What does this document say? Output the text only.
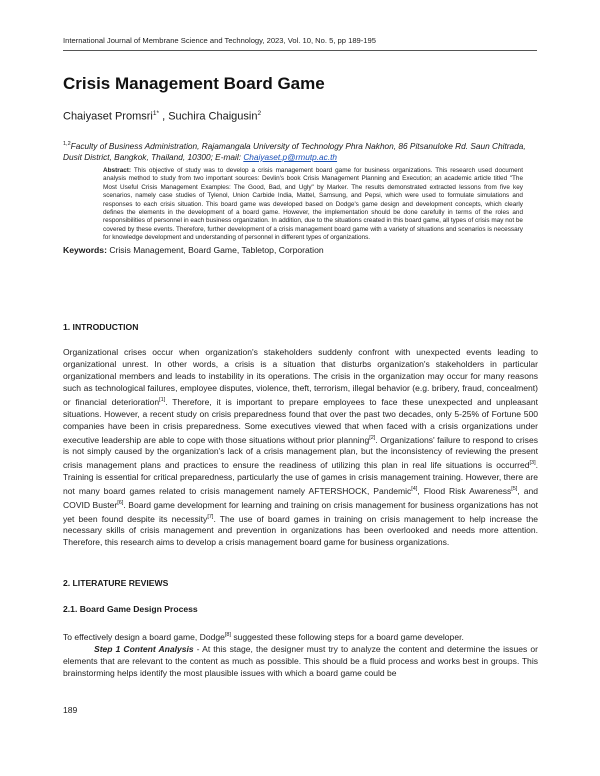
International Journal of Membrane Science and Technology, 2023, Vol. 10, No. 5, pp 189-195
Crisis Management Board Game
Chaiyaset Promsri$^{1*}$ , Suchira Chaigusin$^2$
$^{1,2}$Faculty of Business Administration, Rajamangala University of Technology Phra Nakhon, 86 Pitsanuloke Rd. Saun Chitrada, Dusit District, Bangkok, Thailand, 10300; E-mail: Chaiyaset.p@rmutp.ac.th
Abstract: This objective of study was to develop a crisis management board game for business organizations. This research used document analysis method to study from two important sources: Devlin's book Crisis Management Planning and Execution; an academic article titled "The Most Useful Crisis Management Examples: The Good, Bad, and Ugly" by Marker. The results demonstrated extracted lessons from five key scenarios, namely case studies of Tylenol, Union Carbide India, Mattel, Samsung, and Pepsi, which were used to formulate simulations and responses to each crisis situation. This board game was developed based on Dodge's game design and development concepts, which clearly defines the elements in the development of a board game. However, the implementation should be done carefully in terms of the roles and responsibilities of personnel in each business organization. In addition, due to the situations created in this board game, all types of crisis may not be covered by these events. Therefore, further development of a crisis management board game with a variety of situations and scenarios is necessary for knowledge development and understanding of personnel in different types of organizations.
Keywords: Crisis Management, Board Game, Tabletop, Corporation
1. INTRODUCTION
Organizational crises occur when organization's stakeholders suddenly confront with unexpected events leading to organizational unrest. In other words, a crisis is a situation that disturbs organization's stakeholders in particular organizational members and leads to instability in its operations. The crisis in the organization may occur for many reasons such as technological failures, employee disputes, violence, theft, terrorism, illegal behavior (e.g. bribery, fraud, concealment) or financial deterioration[1]. Therefore, it is important to prepare employees to face these unexpected and unpleasant situations. However, a recent study on crisis preparedness found that over the past two decades, only 5-25% of Fortune 500 companies have been in crisis preparedness. Some executives viewed that when faced with a crisis organizations under executive leadership are able to cope with those situations without prior planning[2]. Organizations' failure to respond to crises is not simply caused by the organization's lack of a crisis management plan, but the inconsistency of reviewing the present crisis management plans and practices to ensure the readiness of utilizing this plan in real life situations is occurred[3]. Training is essential for critical preparedness, particularly the use of games in crisis management training. However, there are not many board games related to crisis management namely AFTERSHOCK, Pandemic[4], Flood Risk Awareness[5], and COVID Buster[6]. Board game development for learning and training on crisis management for business organizations has not yet been found despite its necessity[7]. The use of board games in training on crisis management to help increase the necessary skills of crisis management and prevention in organizations has been overlooked and needs more attention. Therefore, this research aims to develop a crisis management board game for business organizations.
2. LITERATURE REVIEWS
2.1. Board Game Design Process

To effectively design a board game, Dodge[8] suggested these following steps for a board game developer.

Step 1 Content Analysis - At this stage, the designer must try to analyze the content and determine the issues or elements that are relevant to the content as much as possible. This should be a fluid process and works best in groups. This brainstorming helps identify the most plausible issues with which a board game could be

189
